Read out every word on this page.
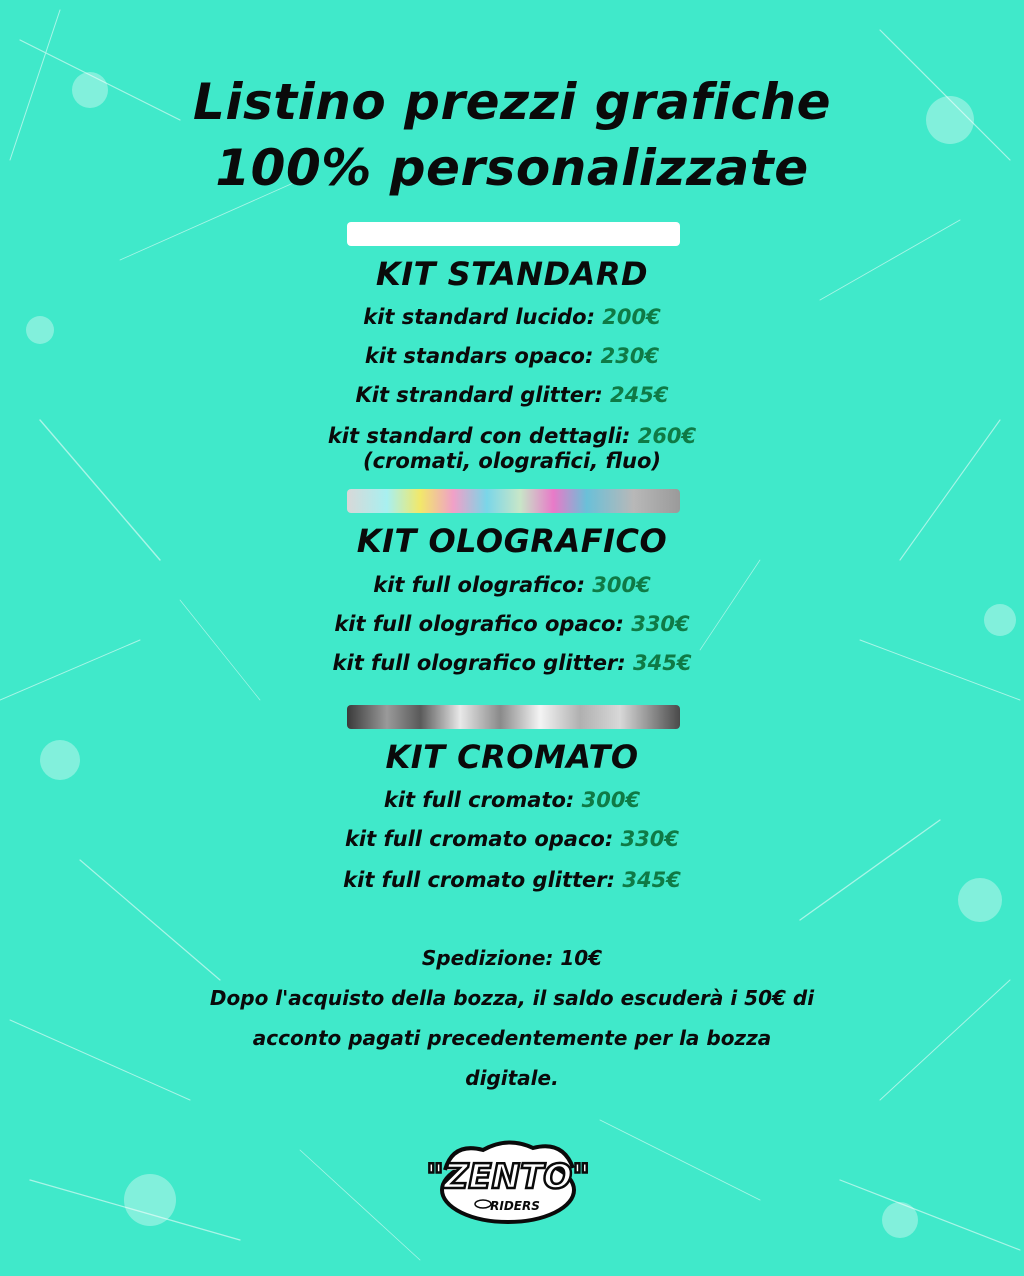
Listino prezzi grafiche
100% personalizzate
KIT STANDARD
kit standard lucido: 200€
kit standars opaco: 230€
Kit strandard glitter: 245€
kit standard con dettagli: 260€
(cromati, olografici, fluo)
KIT OLOGRAFICO
kit full olografico: 300€
kit full olografico opaco: 330€
kit full olografico glitter: 345€
KIT CROMATO
kit full cromato: 300€
kit full cromato opaco: 330€
kit full cromato glitter: 345€
Spedizione: 10€
Dopo l'acquisto della bozza, il saldo escuderà i 50€ di
acconto pagati precedentemente per la bozza
digitale.
"ZENTO"
RIDERS
